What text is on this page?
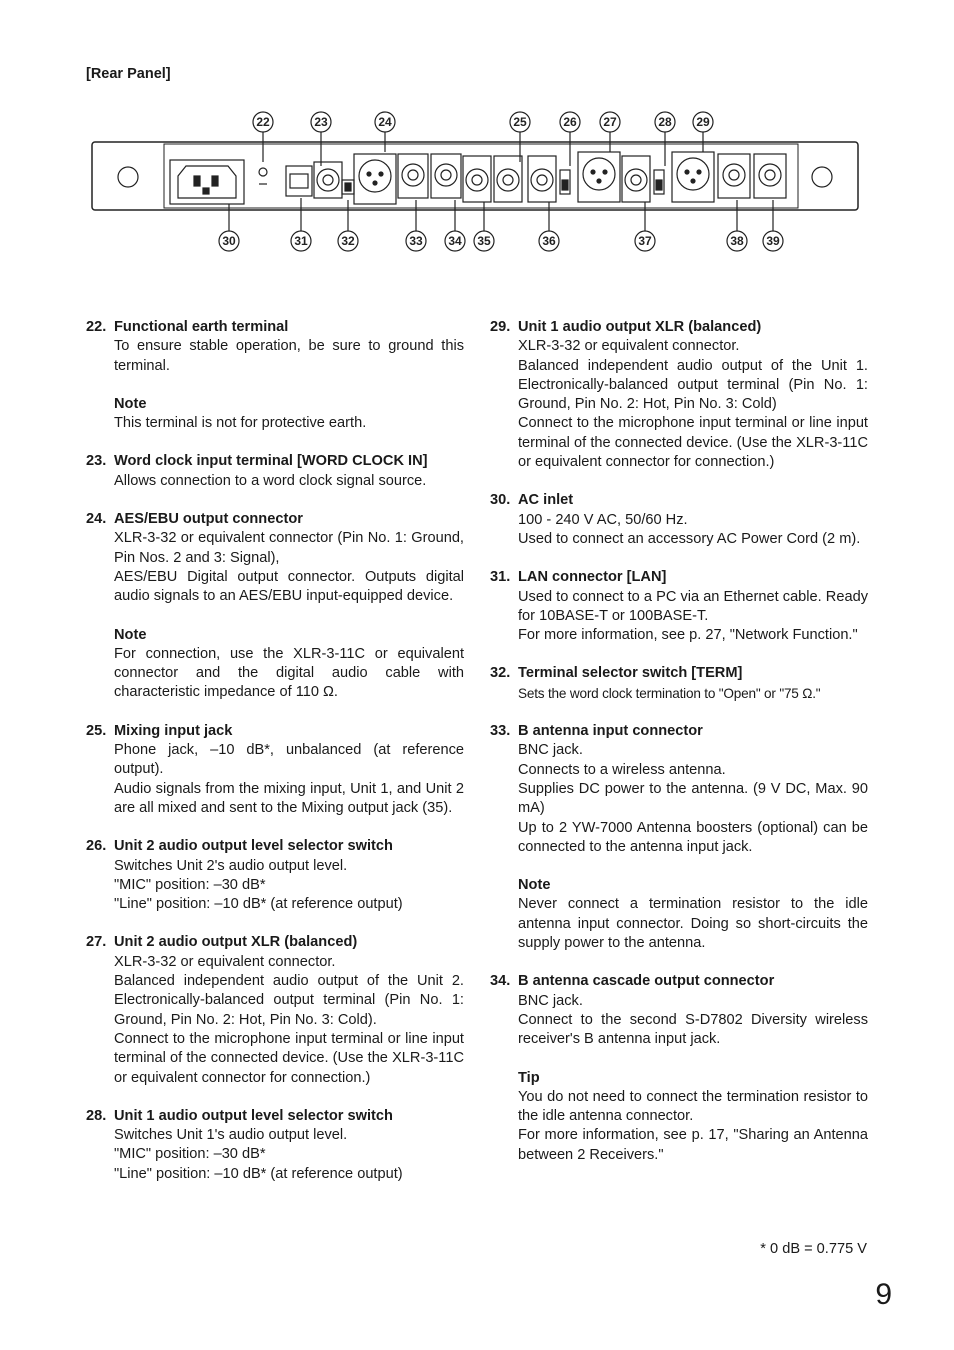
[Rear Panel]
22	23	24	25	26 27	28 29
30	31	32	33 34 35	36	37	38 39
22. Functional earth terminal

To ensure stable operation, be sure to ground this terminal.

Note

This terminal is not for protective earth.

23. Word clock input terminal [WORD CLOCK IN]

Allows connection to a word clock signal source.

24. AES/EBU output connector

XLR-3-32 or equivalent connector (Pin No. 1: Ground, Pin Nos. 2 and 3: Signal),

AES/EBU Digital output connector. Outputs digital audio signals to an AES/EBU input-equipped device.

Note

For connection, use the XLR-3-11C or equivalent connector and the digital audio cable with characteristic impedance of 110 Ω.

25. Mixing input jack

Phone jack, –10 dB*, unbalanced (at reference output).

Audio signals from the mixing input, Unit 1, and Unit 2 are all mixed and sent to the Mixing output jack (35).

26. Unit 2 audio output level selector switch

Switches Unit 2's audio output level.

"MIC" position: –30 dB*

"Line" position: –10 dB* (at reference output)

27. Unit 2 audio output XLR (balanced)

XLR-3-32 or equivalent connector.

Balanced independent audio output of the Unit 2. Electronically-balanced output terminal (Pin No. 1: Ground, Pin No. 2: Hot, Pin No. 3: Cold).

Connect to the microphone input terminal or line input terminal of the connected device. (Use the XLR-3-11C or equivalent connector for connection.)

28. Unit 1 audio output level selector switch

Switches Unit 1's audio output level.

"MIC" position: –30 dB*

"Line" position: –10 dB* (at reference output)

29. Unit 1 audio output XLR (balanced)

XLR-3-32 or equivalent connector.

Balanced independent audio output of the Unit 1. Electronically-balanced output terminal (Pin No. 1: Ground, Pin No. 2: Hot, Pin No. 3: Cold)

Connect to the microphone input terminal or line input terminal of the connected device. (Use the XLR-3-11C or equivalent connector for connection.)

30. AC inlet

100 - 240 V AC, 50/60 Hz.

Used to connect an accessory AC Power Cord (2 m).

31. LAN connector [LAN]

Used to connect to a PC via an Ethernet cable. Ready for 10BASE-T or 100BASE-T.

For more information, see p. 27, "Network Function."

32. Terminal selector switch [TERM]

Sets the word clock termination to "Open" or "75 Ω."

33. B antenna input connector

BNC jack.

Connects to a wireless antenna.

Supplies DC power to the antenna. (9 V DC, Max. 90 mA)

Up to 2 YW-7000 Antenna boosters (optional) can be connected to the antenna input jack.

Note

Never connect a termination resistor to the idle antenna input connector. Doing so short-circuits the supply power to the antenna.

34. B antenna cascade output connector

BNC jack.

Connect to the second S-D7802 Diversity wireless receiver's B antenna input jack.

Tip

You do not need to connect the termination resistor to the idle antenna connector.

For more information, see p. 17, "Sharing an Antenna between 2 Receivers."

* 0 dB = 0.775 V
9
